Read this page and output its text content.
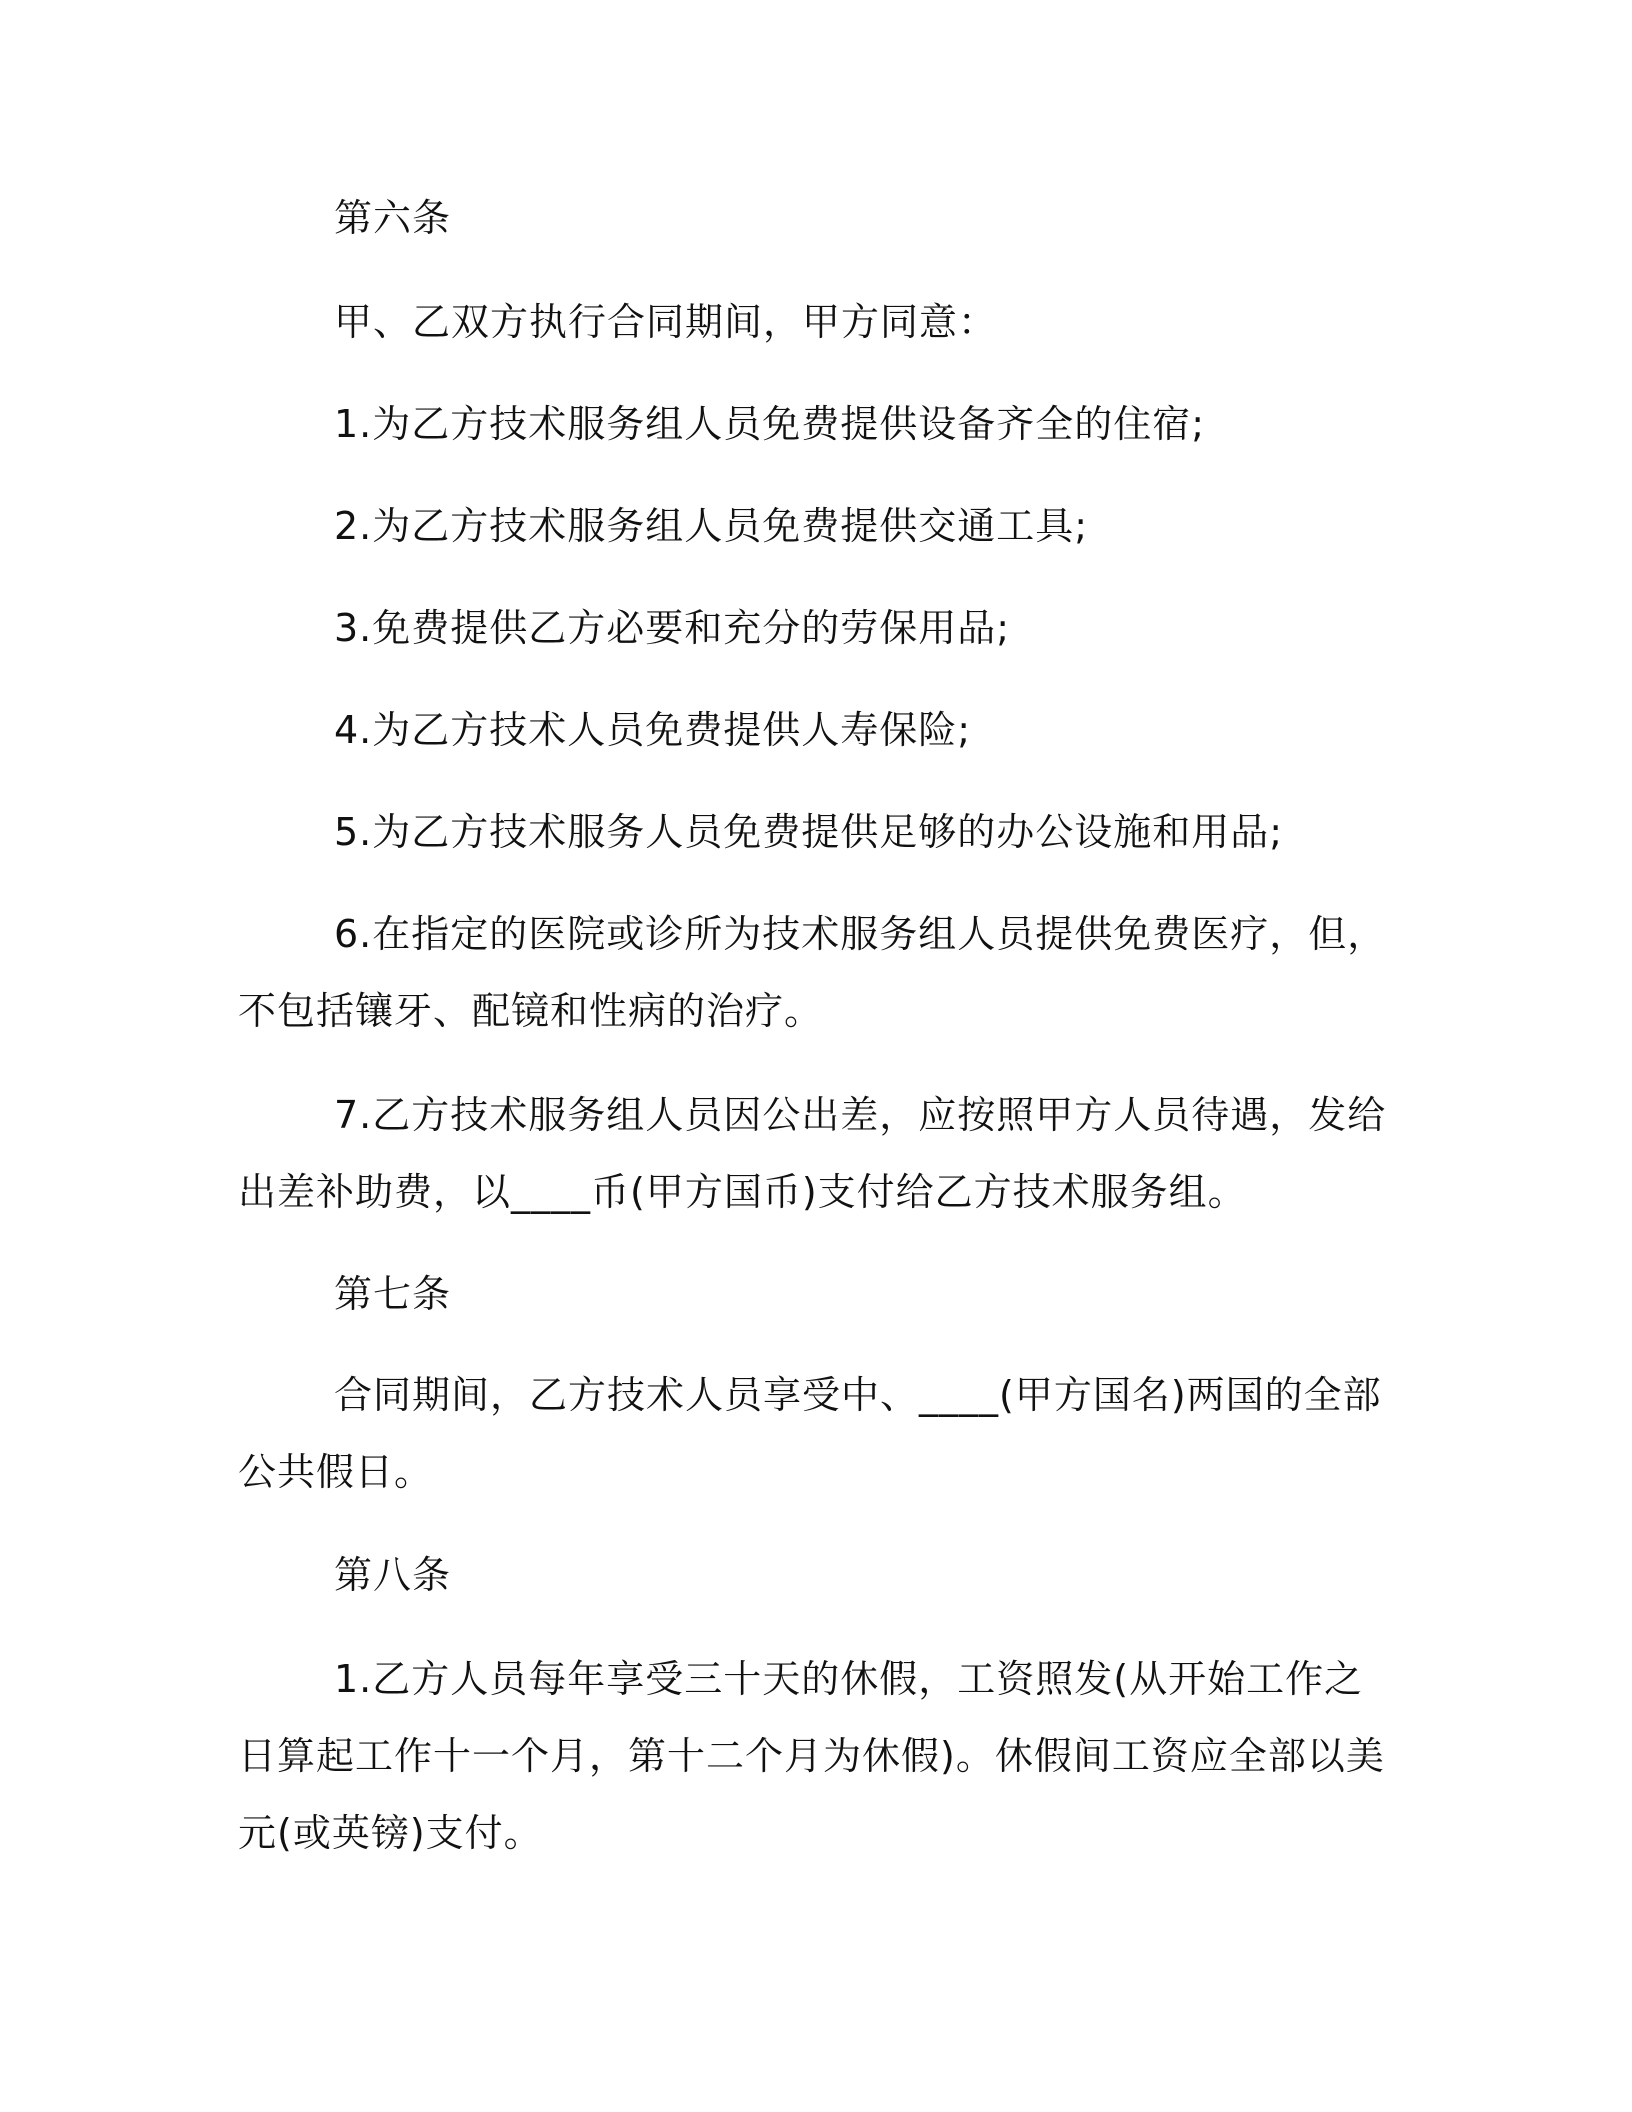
第六条

甲、乙双方执行合同期间，甲方同意：

1.为乙方技术服务组人员免费提供设备齐全的住宿;

2.为乙方技术服务组人员免费提供交通工具;

3.免费提供乙方必要和充分的劳保用品;

4.为乙方技术人员免费提供人寿保险;

5.为乙方技术服务人员免费提供足够的办公设施和用品;

6.在指定的医院或诊所为技术服务组人员提供免费医疗，但，不包括镶牙、配镜和性病的治疗。

7.乙方技术服务组人员因公出差，应按照甲方人员待遇，发给出差补助费，以____币(甲方国币)支付给乙方技术服务组。

第七条

合同期间，乙方技术人员享受中、____(甲方国名)两国的全部公共假日。

第八条

1.乙方人员每年享受三十天的休假，工资照发(从开始工作之日算起工作十一个月，第十二个月为休假)。休假间工资应全部以美元(或英镑)支付。
